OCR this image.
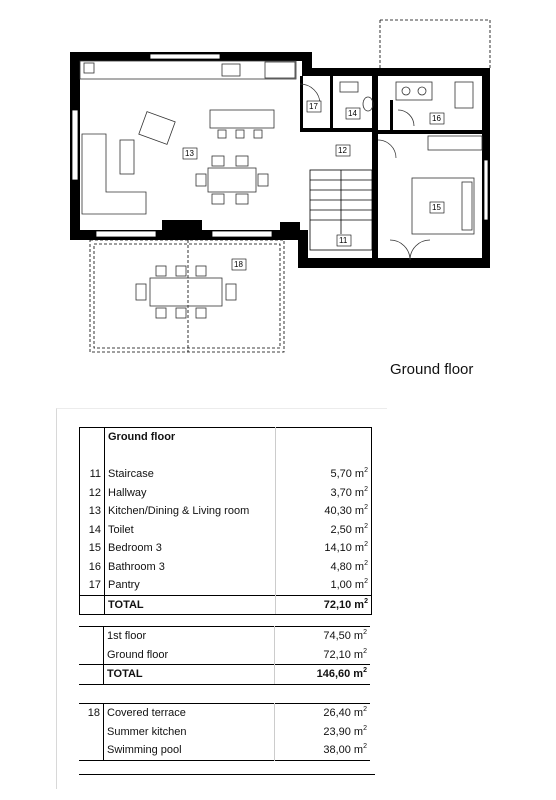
13	12
17
14
16
15
11
18
Ground floor
	Ground floor	

11	Staircase	5,70 $m^2$
12	Hallway	3,70 $m^2$
13	Kitchen/Dining & Living room	40,30 $m^2$
14	Toilet	2,50 $m^2$
15	Bedroom 3	14,10 $m^2$
16	Bathroom 3	4,80 $m^2$
17	Pantry	1,00 $m^2$
	TOTAL	72,10 $m^2$
	1st floor	74,50 $m^2$
	Ground floor	72,10 $m^2$
	TOTAL	146,60 $m^2$
18	Covered terrace	26,40 $m^2$
	Summer kitchen	23,90 $m^2$
	Swimming pool	38,00 $m^2$
